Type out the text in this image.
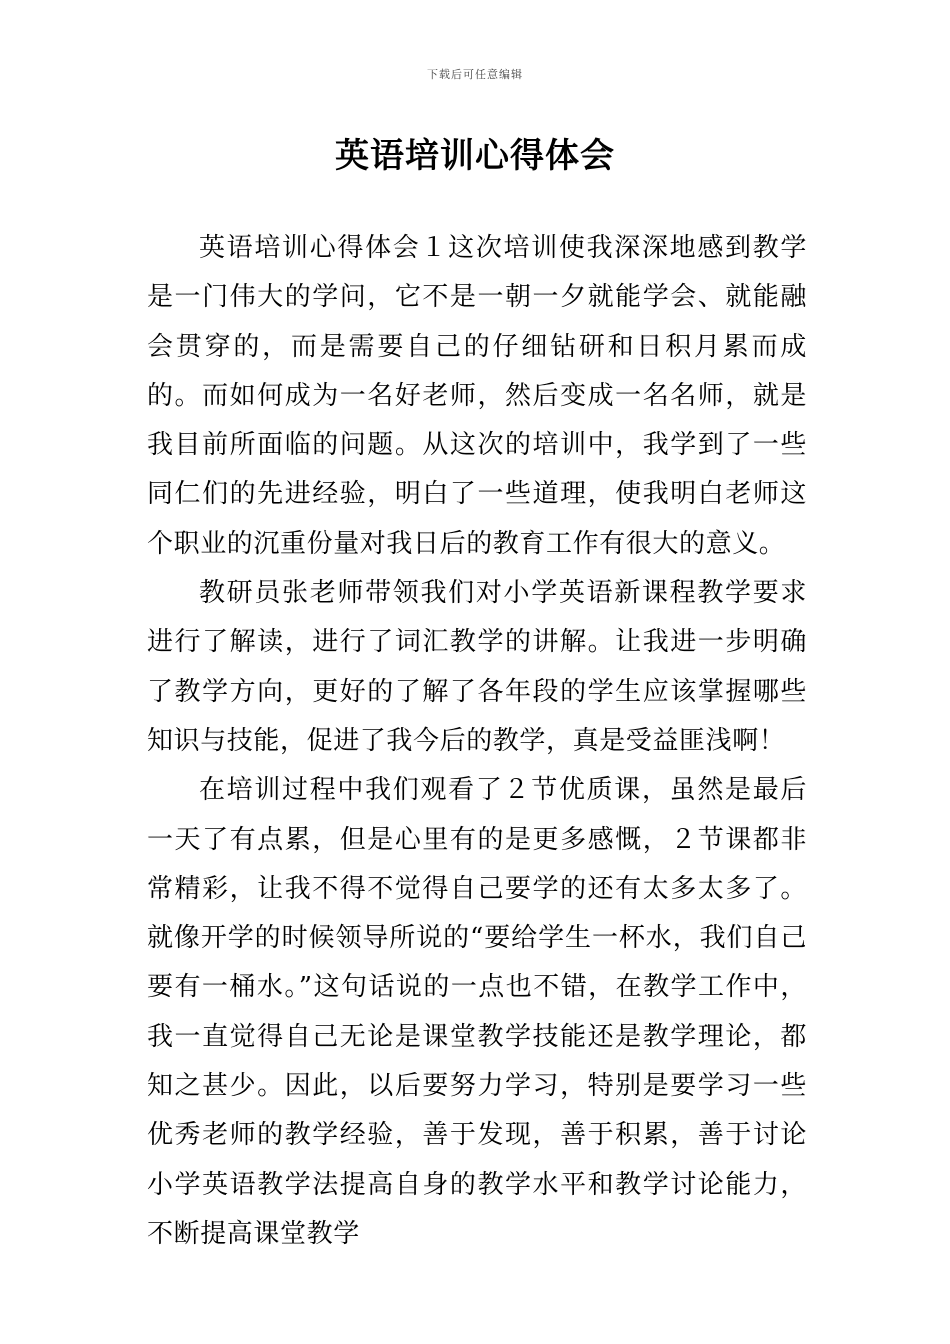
下载后可任意编辑
英语培训心得体会

英语培训心得体会１这次培训使我深深地感到教学是一门伟大的学问，它不是一朝一夕就能学会、就能融会贯穿的，而是需要自己的仔细钻研和日积月累而成的。而如何成为一名好老师，然后变成一名名师，就是我目前所面临的问题。从这次的培训中，我学到了一些同仁们的先进经验，明白了一些道理，使我明白老师这个职业的沉重份量对我日后的教育工作有很大的意义。

教研员张老师带领我们对小学英语新课程教学要求进行了解读，进行了词汇教学的讲解。让我进一步明确了教学方向，更好的了解了各年段的学生应该掌握哪些知识与技能，促进了我今后的教学，真是受益匪浅啊！

在培训过程中我们观看了２节优质课，虽然是最后一天了有点累，但是心里有的是更多感慨，２节课都非常精彩，让我不得不觉得自己要学的还有太多太多了。就像开学的时候领导所说的“要给学生一杯水，我们自己要有一桶水。”这句话说的一点也不错，在教学工作中，我一直觉得自己无论是课堂教学技能还是教学理论，都知之甚少。因此，以后要努力学习，特别是要学习一些优秀老师的教学经验，善于发现，善于积累，善于讨论小学英语教学法提高自身的教学水平和教学讨论能力，不断提高课堂教学
